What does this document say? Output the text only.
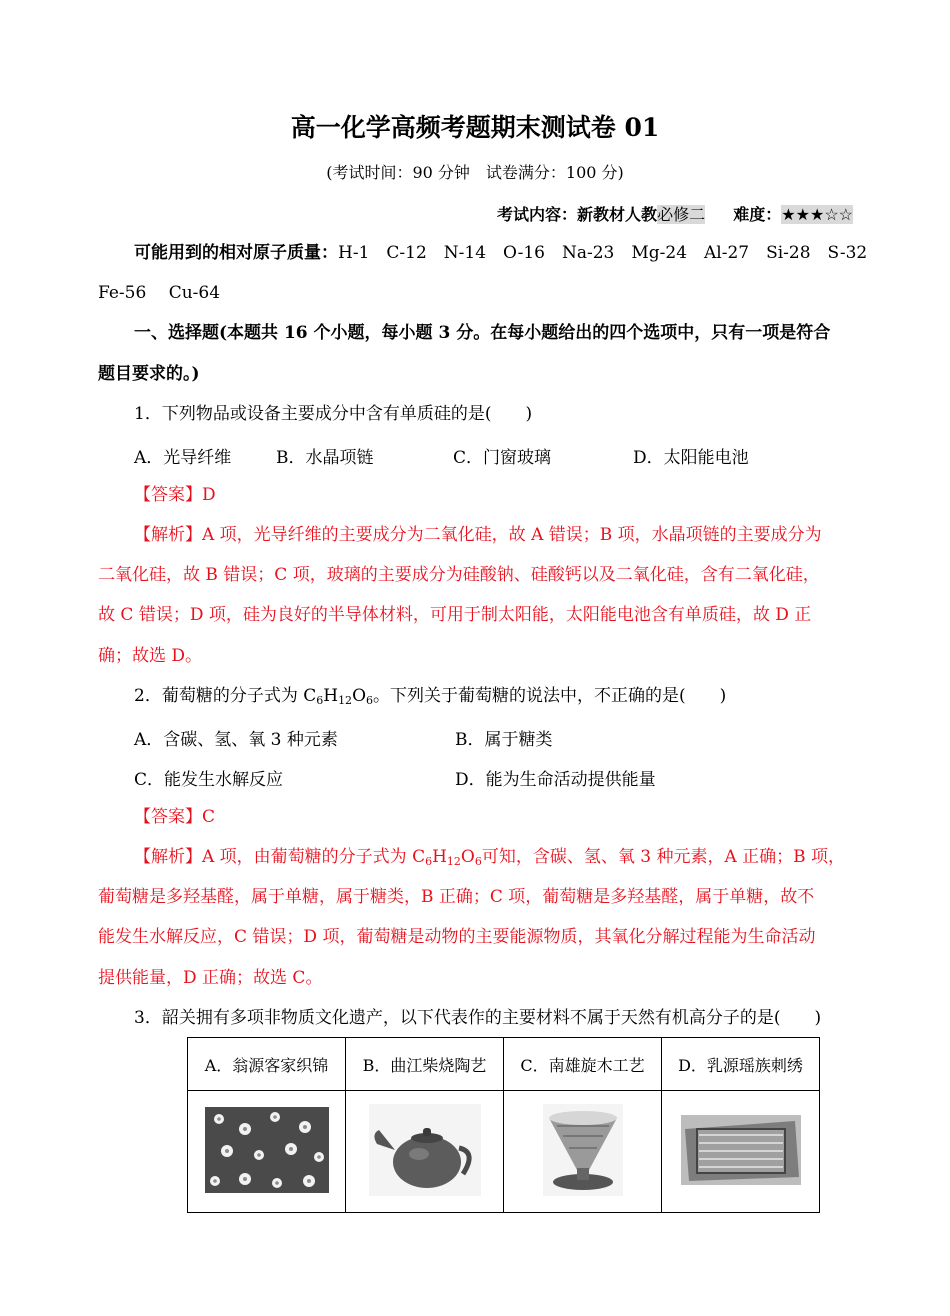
高一化学高频考题期末测试卷 01
(考试时间：90 分钟　试卷满分：100 分)
考试内容：新教材人教必修二 难度：★★★☆☆
可能用到的相对原子质量：H-1　C-12　N-14　O-16　Na-23　Mg-24　Al-27　Si-28　S-32
Fe-56　 Cu-64
一、选择题(本题共 16 个小题，每小题 3 分。在每小题给出的四个选项中，只有一项是符合
题目要求的。)
1．下列物品或设备主要成分中含有单质硅的是(　　)
A．光导纤维	B．水晶项链	C．门窗玻璃	D．太阳能电池
【答案】D
【解析】A 项，光导纤维的主要成分为二氧化硅，故 A 错误；B 项，水晶项链的主要成分为
二氧化硅，故 B 错误；C 项，玻璃的主要成分为硅酸钠、硅酸钙以及二氧化硅，含有二氧化硅，
故 C 错误；D 项，硅为良好的半导体材料，可用于制太阳能，太阳能电池含有单质硅，故 D 正
确；故选 D。
2．葡萄糖的分子式为 $C_6H_{12}O_6$。下列关于葡萄糖的说法中，不正确的是(　　)
A．含碳、氢、氧 3 种元素	B．属于糖类
C．能发生水解反应	D．能为生命活动提供能量
【答案】C
【解析】A 项，由葡萄糖的分子式为 $C_6H_{12}O_6$可知，含碳、氢、氧 3 种元素，A 正确；B 项，
葡萄糖是多羟基醛，属于单糖，属于糖类，B 正确；C 项，葡萄糖是多羟基醛，属于单糖，故不
能发生水解反应，C 错误；D 项，葡萄糖是动物的主要能源物质，其氧化分解过程能为生命活动
提供能量，D 正确；故选 C。
3．韶关拥有多项非物质文化遗产，以下代表作的主要材料不属于天然有机高分子的是(　　)
A．翁源客家织锦	B．曲江柴烧陶艺	C．南雄旋木工艺	D．乳源瑶族刺绣
